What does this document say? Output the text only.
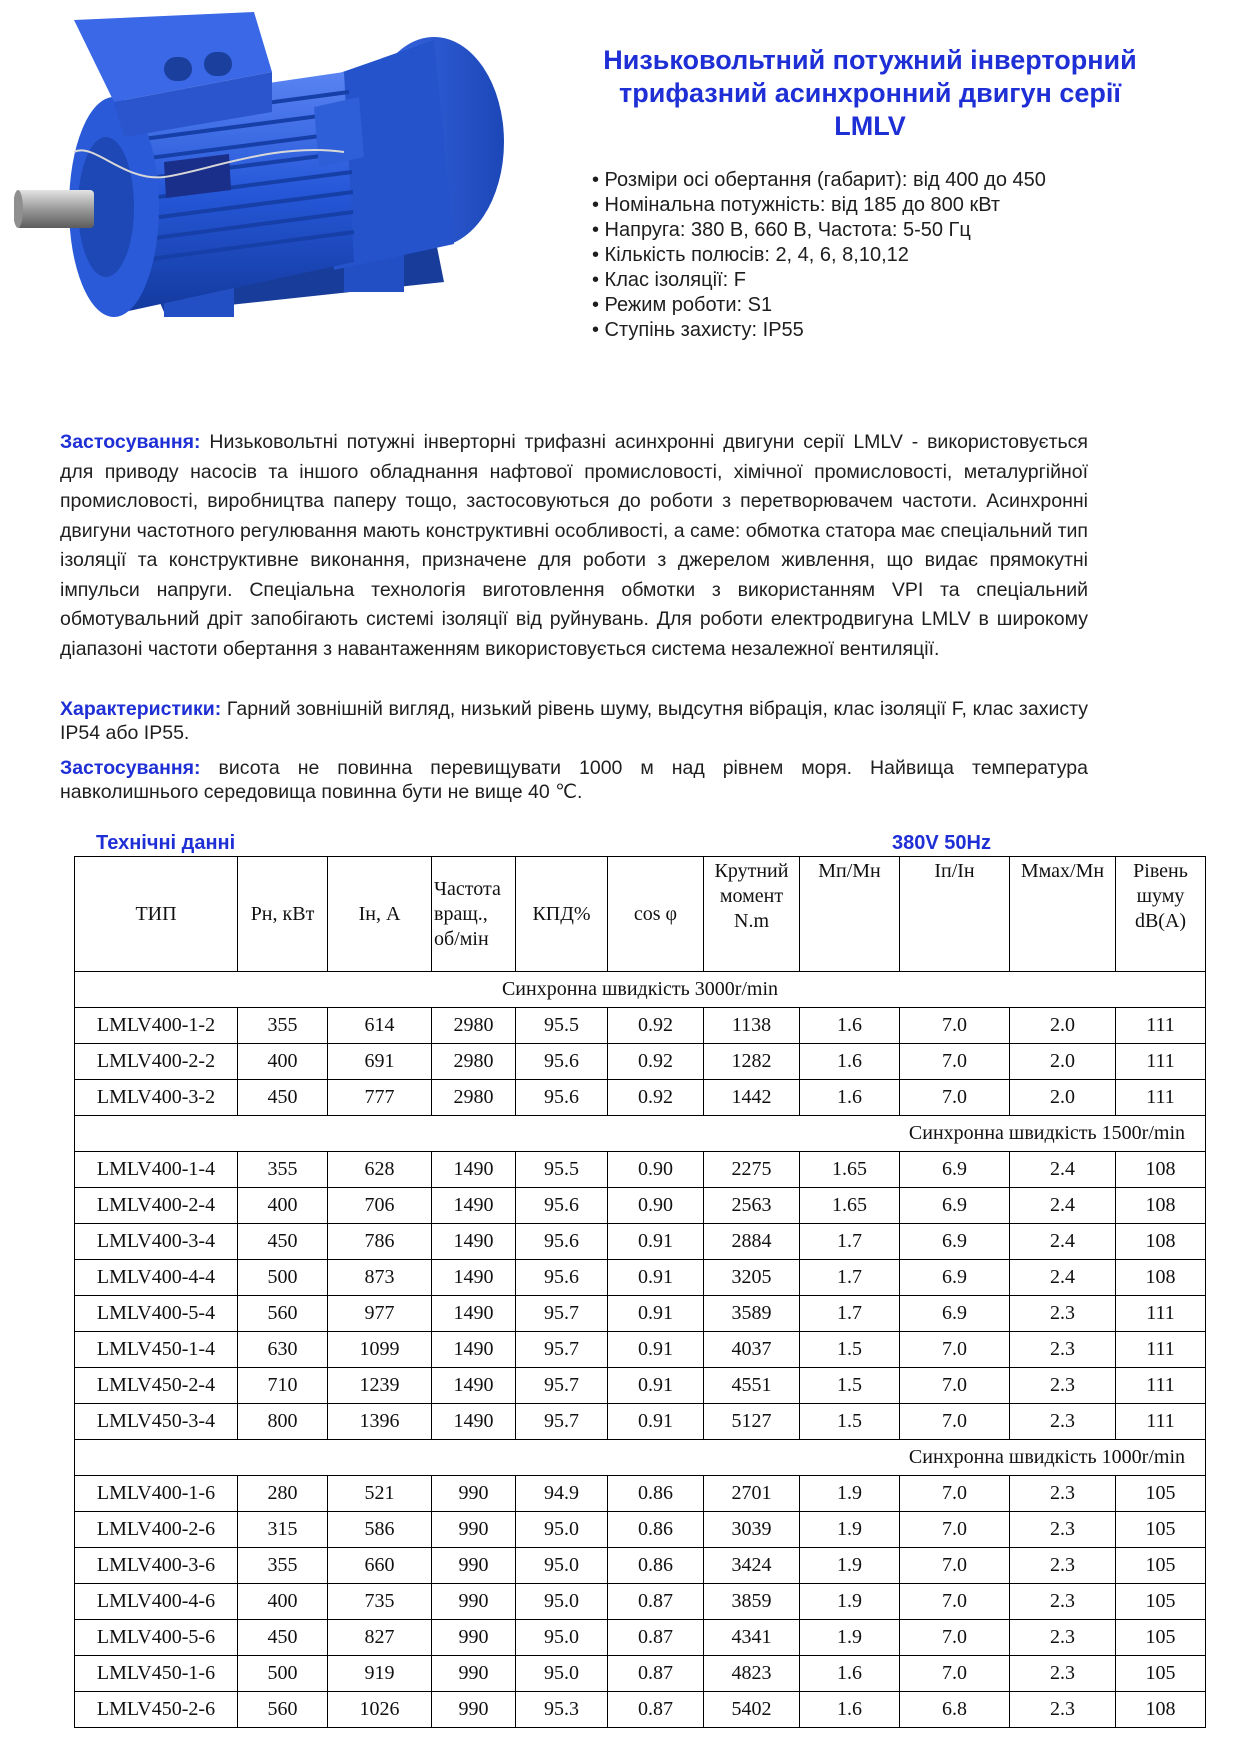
Низьковольтний потужний інверторний
трифазний асинхронний двигун серії
LMLV
• Розміри осі обертання (габарит): від 400 до 450
• Номінальна потужність: від 185 до 800 кВт
• Напруга: 380 В, 660 В, Частота: 5-50 Гц
• Кількість полюсів: 2, 4, 6, 8,10,12
• Клас ізоляції: F
• Режим роботи: S1
• Ступінь захисту: IP55

Застосування: Низьковольтні потужні інверторні трифазні асинхронні двигуни серії LMLV - використовується для приводу насосів та іншого обладнання нафтової промисловості, хімічної промисловості, металургійної промисловості, виробництва паперу тощо, застосовуються до роботи з перетворювачем частоти. Асинхронні двигуни частотного регулювання мають конструктивні особливості, а саме: обмотка статора має спеціальний тип ізоляції та конструктивне виконання, призначене для роботи з джерелом живлення, що видає прямокутні імпульси напруги. Спеціальна технологія виготовлення обмотки з використанням VPI та спеціальний обмотувальний дріт запобігають системі ізоляції від руйнувань. Для роботи електродвигуна LMLV в широкому діапазоні частоти обертання з навантаженням використовується система незалежної вентиляції.

Характеристики: Гарний зовнішній вигляд, низький рівень шуму, выдсутня вібрація, клас ізоляції F, клас захисту IP54 або IP55.

Застосування: висота не повинна перевищувати 1000 м над рівнем моря. Найвища температура навколишнього середовища повинна бути не вище 40 ℃.

Технічні данні	380V 50Hz
ТИП	Рн, кВт	Ін, А	Частота вращ., об/мін	КПД%	cos φ	Крутний момент N.m	Мп/Мн	Іп/Ін	Ммах/Мн	Рівень шуму dB(A)
Синхронна швидкість 3000r/min										
LMLV400-1-2	355	614	2980	95.5	0.92	1138	1.6	7.0	2.0	111
LMLV400-2-2	400	691	2980	95.6	0.92	1282	1.6	7.0	2.0	111
LMLV400-3-2	450	777	2980	95.6	0.92	1442	1.6	7.0	2.0	111
Синхронна швидкість 1500r/min										
LMLV400-1-4	355	628	1490	95.5	0.90	2275	1.65	6.9	2.4	108
LMLV400-2-4	400	706	1490	95.6	0.90	2563	1.65	6.9	2.4	108
LMLV400-3-4	450	786	1490	95.6	0.91	2884	1.7	6.9	2.4	108
LMLV400-4-4	500	873	1490	95.6	0.91	3205	1.7	6.9	2.4	108
LMLV400-5-4	560	977	1490	95.7	0.91	3589	1.7	6.9	2.3	111
LMLV450-1-4	630	1099	1490	95.7	0.91	4037	1.5	7.0	2.3	111
LMLV450-2-4	710	1239	1490	95.7	0.91	4551	1.5	7.0	2.3	111
LMLV450-3-4	800	1396	1490	95.7	0.91	5127	1.5	7.0	2.3	111
Синхронна швидкість 1000r/min										
LMLV400-1-6	280	521	990	94.9	0.86	2701	1.9	7.0	2.3	105
LMLV400-2-6	315	586	990	95.0	0.86	3039	1.9	7.0	2.3	105
LMLV400-3-6	355	660	990	95.0	0.86	3424	1.9	7.0	2.3	105
LMLV400-4-6	400	735	990	95.0	0.87	3859	1.9	7.0	2.3	105
LMLV400-5-6	450	827	990	95.0	0.87	4341	1.9	7.0	2.3	105
LMLV450-1-6	500	919	990	95.0	0.87	4823	1.6	7.0	2.3	105
LMLV450-2-6	560	1026	990	95.3	0.87	5402	1.6	6.8	2.3	108
